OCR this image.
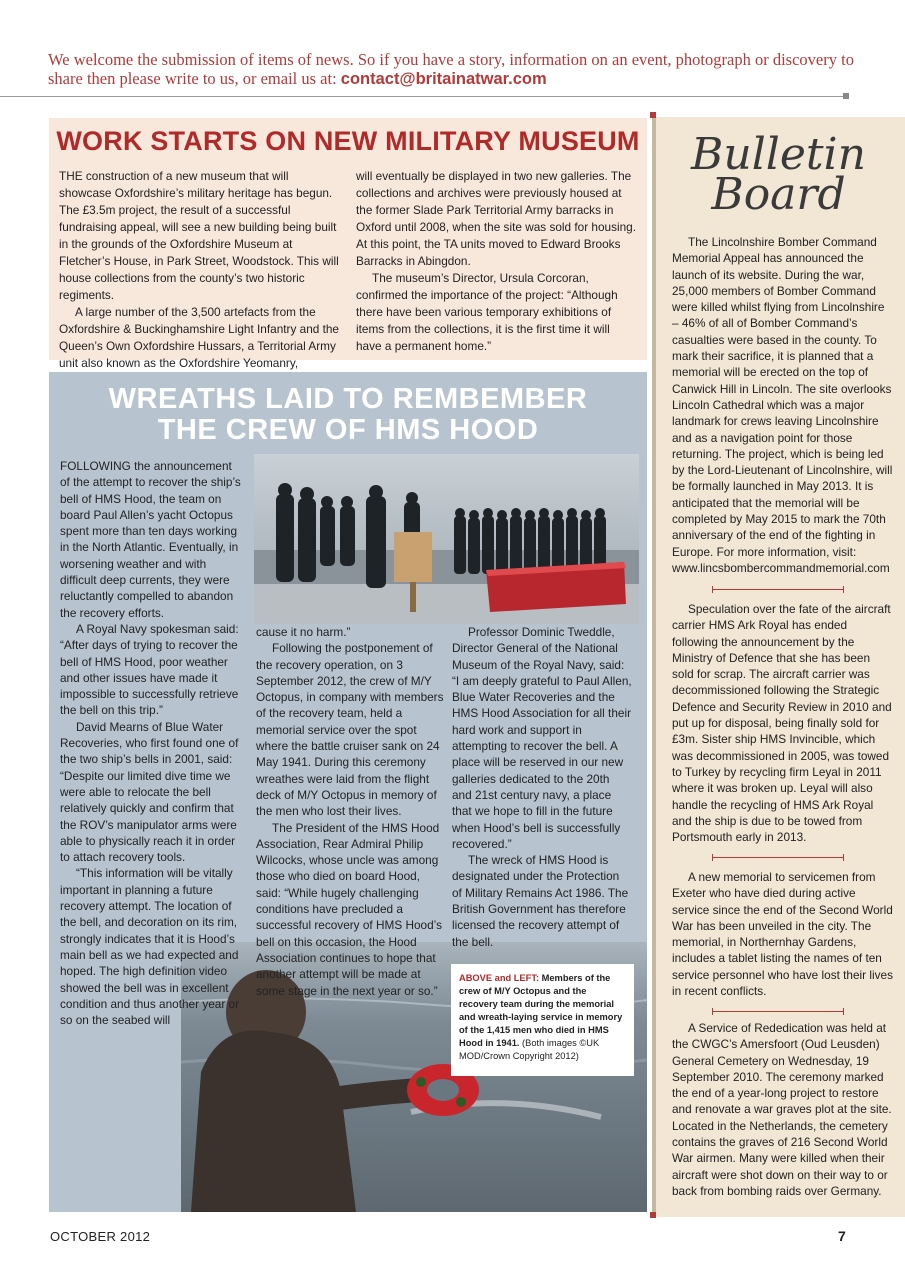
We welcome the submission of items of news. So if you have a story, information on an event, photograph or discovery to share then please write to us, or email us at: contact@britainatwar.com
WORK STARTS ON NEW MILITARY MUSEUM

THE construction of a new museum that will showcase Oxfordshire’s military heritage has begun. The £3.5m project, the result of a successful fundraising appeal, will see a new building being built in the grounds of the Oxfordshire Museum at Fletcher’s House, in Park Street, Woodstock. This will house collections from the county’s two historic regiments.

A large number of the 3,500 artefacts from the Oxfordshire & Buckinghamshire Light Infantry and the Queen’s Own Oxfordshire Hussars, a Territorial Army unit also known as the Oxfordshire Yeomanry,

will eventually be displayed in two new galleries. The collections and archives were previously housed at the former Slade Park Territorial Army barracks in Oxford until 2008, when the site was sold for housing. At this point, the TA units moved to Edward Brooks Barracks in Abingdon.

The museum’s Director, Ursula Corcoran, confirmed the importance of the project: “Although there have been various temporary exhibitions of items from the collections, it is the first time it will have a permanent home.”

WREATHS LAID TO REMBEMBER
THE CREW OF HMS HOOD

FOLLOWING the announcement of the attempt to recover the ship’s bell of HMS Hood, the team on board Paul Allen’s yacht Octopus spent more than ten days working in the North Atlantic. Eventually, in worsening weather and with difficult deep currents, they were reluctantly compelled to abandon the recovery efforts.

A Royal Navy spokesman said: “After days of trying to recover the bell of HMS Hood, poor weather and other issues have made it impossible to successfully retrieve the bell on this trip.”

David Mearns of Blue Water Recoveries, who first found one of the two ship’s bells in 2001, said: “Despite our limited dive time we were able to relocate the bell relatively quickly and confirm that the ROV’s manipulator arms were able to physically reach it in order to attach recovery tools.

“This information will be vitally important in planning a future recovery attempt. The location of the bell, and decoration on its rim, strongly indicates that it is Hood’s main bell as we had expected and hoped. The high definition video showed the bell was in excellent condition and thus another year or so on the seabed will

cause it no harm.”

Following the postponement of the recovery operation, on 3 September 2012, the crew of M/Y Octopus, in company with members of the recovery team, held a memorial service over the spot where the battle cruiser sank on 24 May 1941. During this ceremony wreathes were laid from the flight deck of M/Y Octopus in memory of the men who lost their lives.

The President of the HMS Hood Association, Rear Admiral Philip Wilcocks, whose uncle was among those who died on board Hood, said: “While hugely challenging conditions have precluded a successful recovery of HMS Hood’s bell on this occasion, the Hood Association continues to hope that another attempt will be made at some stage in the next year or so.”

Professor Dominic Tweddle, Director General of the National Museum of the Royal Navy, said: “I am deeply grateful to Paul Allen, Blue Water Recoveries and the HMS Hood Association for all their hard work and support in attempting to recover the bell. A place will be reserved in our new galleries dedicated to the 20th and 21st century navy, a place that we hope to fill in the future when Hood’s bell is successfully recovered.”

The wreck of HMS Hood is designated under the Protection of Military Remains Act 1986. The British Government has therefore licensed the recovery attempt of the bell.

ABOVE and LEFT: Members of the crew of M/Y Octopus and the recovery team during the memorial and wreath-laying service in memory of the 1,415 men who died in HMS Hood in 1941. (Both images ©UK MOD/Crown Copyright 2012)
Bulletin
Board

The Lincolnshire Bomber Command Memorial Appeal has announced the launch of its website. During the war, 25,000 members of Bomber Command were killed whilst flying from Lincolnshire – 46% of all of Bomber Command’s casualties were based in the county. To mark their sacrifice, it is planned that a memorial will be erected on the top of Canwick Hill in Lincoln. The site overlooks Lincoln Cathedral which was a major landmark for crews leaving Lincolnshire and as a navigation point for those returning. The project, which is being led by the Lord-Lieutenant of Lincolnshire, will be formally launched in May 2013. It is anticipated that the memorial will be completed by May 2015 to mark the 70th anniversary of the end of the fighting in Europe. For more information, visit: www.lincsbombercommandmemorial.com

Speculation over the fate of the aircraft carrier HMS Ark Royal has ended following the announcement by the Ministry of Defence that she has been sold for scrap. The aircraft carrier was decommissioned following the Strategic Defence and Security Review in 2010 and put up for disposal, being finally sold for £3m. Sister ship HMS Invincible, which was decommissioned in 2005, was towed to Turkey by recycling firm Leyal in 2011 where it was broken up. Leyal will also handle the recycling of HMS Ark Royal and the ship is due to be towed from Portsmouth early in 2013.

A new memorial to servicemen from Exeter who have died during active service since the end of the Second World War has been unveiled in the city. The memorial, in Northernhay Gardens, includes a tablet listing the names of ten service personnel who have lost their lives in recent conflicts.

A Service of Rededication was held at the CWGC’s Amersfoort (Oud Leusden) General Cemetery on Wednesday, 19 September 2010. The ceremony marked the end of a year-long project to restore and renovate a war graves plot at the site. Located in the Netherlands, the cemetery contains the graves of 216 Second World War airmen. Many were killed when their aircraft were shot down on their way to or back from bombing raids over Germany.

OCTOBER 2012	7
